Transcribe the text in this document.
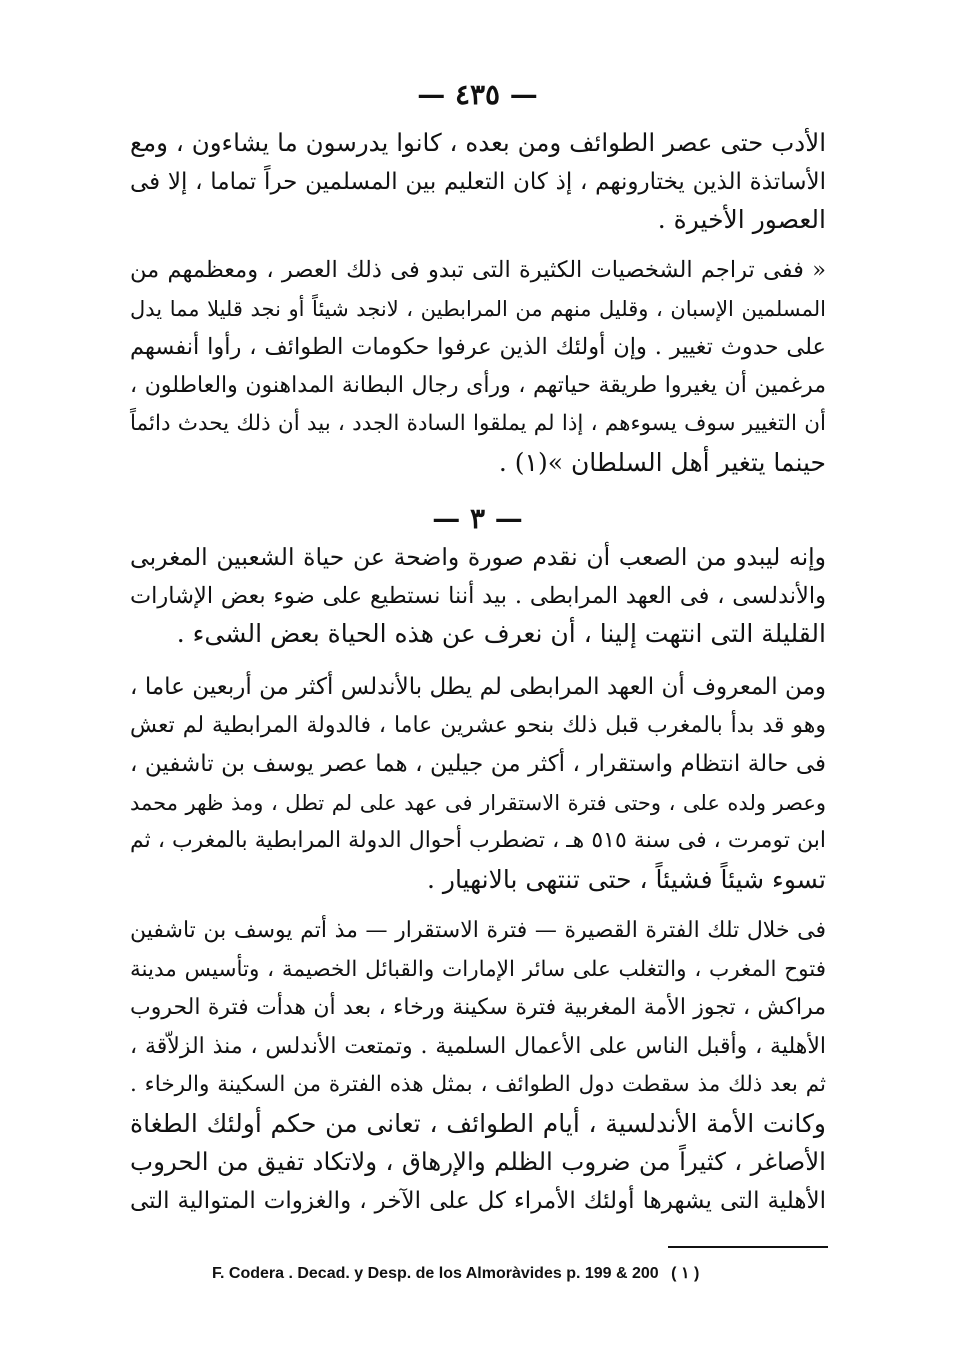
— ٤٣٥ —
الأدب حتى عصر الطوائف ومن بعده ، كانوا يدرسون ما يشاءون ، ومع
الأساتذة الذين يختارونهم ، إذ كان التعليم بين المسلمين حراً تماما ، إلا فى
العصور الأخيرة .
« ففى تراجم الشخصيات الكثيرة التى تبدو فى ذلك العصر ، ومعظمهم من
المسلمين الإسبان ، وقليل منهم من المرابطين ، لانجد شيئاً أو نجد قليلا مما يدل
على حدوث تغيير . وإن أولئك الذين عرفوا حكومات الطوائف ، رأوا أنفسهم
مرغمين أن يغيروا طريقة حياتهم ، ورأى رجال البطانة المداهنون والعاطلون ،
أن التغيير سوف يسوءهم ، إذا لم يملقوا السادة الجدد ، بيد أن ذلك يحدث دائماً
حينما يتغير أهل السلطان »(١) .
— ٣ —
وإنه ليبدو من الصعب أن نقدم صورة واضحة عن حياة الشعبين المغربى
والأندلسى ، فى العهد المرابطى . بيد أننا نستطيع على ضوء بعض الإشارات
القليلة التى انتهت إلينا ، أن نعرف عن هذه الحياة بعض الشىء .
ومن المعروف أن العهد المرابطى لم يطل بالأندلس أكثر من أربعين عاما ،
وهو قد بدأ بالمغرب قبل ذلك بنحو عشرين عاما ، فالدولة المرابطية لم تعش
فى حالة انتظام واستقرار ، أكثر من جيلين ، هما عصر يوسف بن تاشفين ،
وعصر ولده على ، وحتى فترة الاستقرار فى عهد على لم تطل ، ومذ ظهر محمد
ابن تومرت ، فى سنة ٥١٥ هـ ، تضطرب أحوال الدولة المرابطية بالمغرب ، ثم
تسوء شيئاً فشيئاً ، حتى تنتهى بالانهيار .
فى خلال تلك الفترة القصيرة — فترة الاستقرار — مذ أتم يوسف بن تاشفين
فتوح المغرب ، والتغلب على سائر الإمارات والقبائل الخصيمة ، وتأسيس مدينة
مراكش ، تجوز الأمة المغربية فترة سكينة ورخاء ، بعد أن هدأت فترة الحروب
الأهلية ، وأقبل الناس على الأعمال السلمية . وتمتعت الأندلس ، منذ الزلاّقة ،
ثم بعد ذلك مذ سقطت دول الطوائف ، بمثل هذه الفترة من السكينة والرخاء .
وكانت الأمة الأندلسية ، أيام الطوائف ، تعانى من حكم أولئك الطغاة
الأصاغر ، كثيراً من ضروب الظلم والإرهاق ، ولاتكاد تفيق من الحروب
الأهلية التى يشهرها أولئك الأمراء كل على الآخر ، والغزوات المتوالية التى
F. Codera . Decad. y Desp. de los Almoràvides p. 199 & 200 ( ١ )
